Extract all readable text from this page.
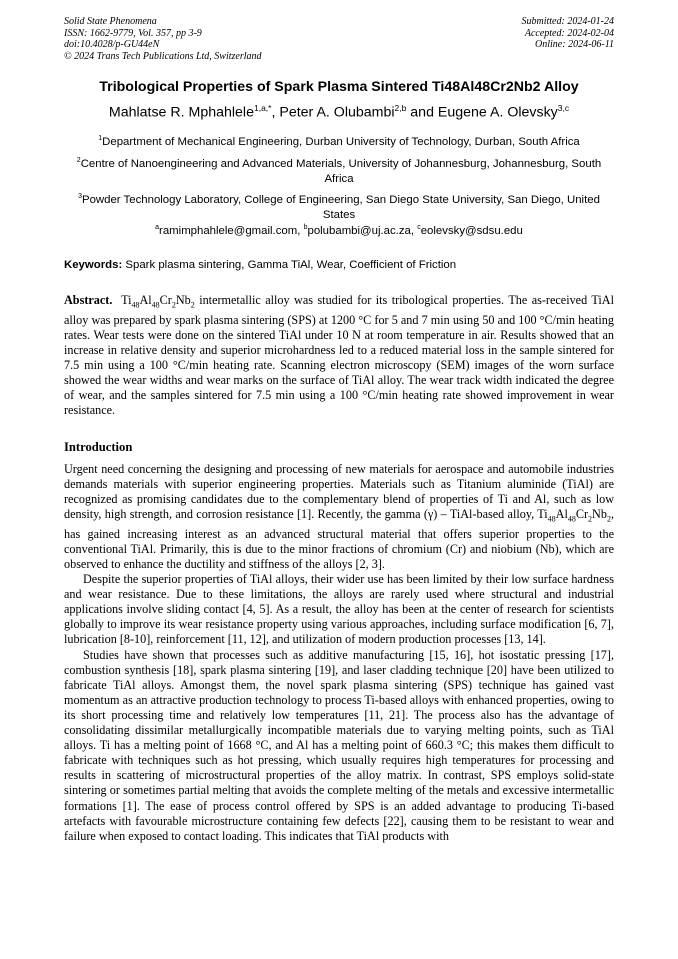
Solid State Phenomena
ISSN: 1662-9779, Vol. 357, pp 3-9
doi:10.4028/p-GU44eN
© 2024 Trans Tech Publications Ltd, Switzerland
Submitted: 2024-01-24
Accepted: 2024-02-04
Online: 2024-06-11
Tribological Properties of Spark Plasma Sintered Ti48Al48Cr2Nb2 Alloy
Mahlatse R. Mphahlele$^{1,a,*}$, Peter A. Olubambi$^{2,b}$ and Eugene A. Olevsky$^{3,c}$
$^1$Department of Mechanical Engineering, Durban University of Technology, Durban, South Africa
$^2$Centre of Nanoengineering and Advanced Materials, University of Johannesburg, Johannesburg, South Africa
$^3$Powder Technology Laboratory, College of Engineering, San Diego State University, San Diego, United States
$^a$ramimphahlele@gmail.com, $^b$polubambi@uj.ac.za, $^c$eolevsky@sdsu.edu
Keywords: Spark plasma sintering, Gamma TiAl, Wear, Coefficient of Friction

Abstract. $Ti_{48}Al_{48}Cr_2Nb_2$ intermetallic alloy was studied for its tribological properties. The as-received TiAl alloy was prepared by spark plasma sintering (SPS) at 1200 °C for 5 and 7 min using 50 and 100 °C/min heating rates. Wear tests were done on the sintered TiAl under 10 N at room temperature in air. Results showed that an increase in relative density and superior microhardness led to a reduced material loss in the sample sintered for 7.5 min using a 100 °C/min heating rate. Scanning electron microscopy (SEM) images of the worn surface showed the wear widths and wear marks on the surface of TiAl alloy. The wear track width indicated the degree of wear, and the samples sintered for 7.5 min using a 100 °C/min heating rate showed improvement in wear resistance.

Introduction

Urgent need concerning the designing and processing of new materials for aerospace and automobile industries demands materials with superior engineering properties. Materials such as Titanium aluminide (TiAl) are recognized as promising candidates due to the complementary blend of properties of Ti and Al, such as low density, high strength, and corrosion resistance [1]. Recently, the gamma (γ) – TiAl-based alloy, $Ti_{48}Al_{48}Cr_2Nb_2$, has gained increasing interest as an advanced structural material that offers superior properties to the conventional TiAl. Primarily, this is due to the minor fractions of chromium (Cr) and niobium (Nb), which are observed to enhance the ductility and stiffness of the alloys [2, 3].

Despite the superior properties of TiAl alloys, their wider use has been limited by their low surface hardness and wear resistance. Due to these limitations, the alloys are rarely used where structural and industrial applications involve sliding contact [4, 5]. As a result, the alloy has been at the center of research for scientists globally to improve its wear resistance property using various approaches, including surface modification [6, 7], lubrication [8-10], reinforcement [11, 12], and utilization of modern production processes [13, 14].

Studies have shown that processes such as additive manufacturing [15, 16], hot isostatic pressing [17], combustion synthesis [18], spark plasma sintering [19], and laser cladding technique [20] have been utilized to fabricate TiAl alloys. Amongst them, the novel spark plasma sintering (SPS) technique has gained vast momentum as an attractive production technology to process Ti-based alloys with enhanced properties, owing to its short processing time and relatively low temperatures [11, 21]. The process also has the advantage of consolidating dissimilar metallurgically incompatible materials due to varying melting points, such as TiAl alloys. Ti has a melting point of 1668 °C, and Al has a melting point of 660.3 °C; this makes them difficult to fabricate with techniques such as hot pressing, which usually requires high temperatures for processing and results in scattering of microstructural properties of the alloy matrix. In contrast, SPS employs solid-state sintering or sometimes partial melting that avoids the complete melting of the metals and excessive intermetallic formations [1]. The ease of process control offered by SPS is an added advantage to producing Ti-based artefacts with favourable microstructure containing few defects [22], causing them to be resistant to wear and failure when exposed to contact loading. This indicates that TiAl products with
